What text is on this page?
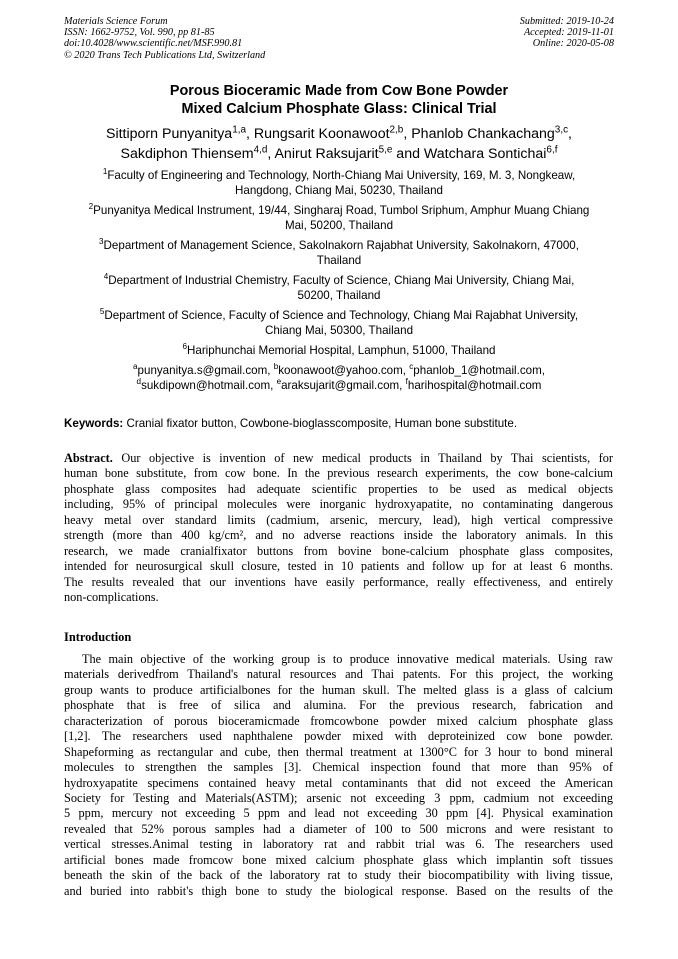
Materials Science Forum
ISSN: 1662-9752, Vol. 990, pp 81-85
doi:10.4028/www.scientific.net/MSF.990.81
© 2020 Trans Tech Publications Ltd, Switzerland
Submitted: 2019-10-24
Accepted: 2019-11-01
Online: 2020-05-08
Porous Bioceramic Made from Cow Bone Powder
Mixed Calcium Phosphate Glass: Clinical Trial
Sittiporn Punyanitya$^{1,a}$, Rungsarit Koonawoot$^{2,b}$, Phanlob Chankachang$^{3,c}$,
Sakdiphon Thiensem$^{4,d}$, Anirut Raksujarit$^{5,e}$ and Watchara Sontichai$^{6,f}$
$^1$Faculty of Engineering and Technology, North-Chiang Mai University, 169, M. 3, Nongkeaw,
Hangdong, Chiang Mai, 50230, Thailand
$^2$Punyanitya Medical Instrument, 19/44, Singharaj Road, Tumbol Sriphum, Amphur Muang Chiang
Mai, 50200, Thailand
$^3$Department of Management Science, Sakolnakorn Rajabhat University, Sakolnakorn, 47000,
Thailand
$^4$Department of Industrial Chemistry, Faculty of Science, Chiang Mai University, Chiang Mai,
50200, Thailand
$^5$Department of Science, Faculty of Science and Technology, Chiang Mai Rajabhat University,
Chiang Mai, 50300, Thailand
$^6$Hariphunchai Memorial Hospital, Lamphun, 51000, Thailand
$^a$punyanitya.s@gmail.com, $^b$koonawoot@yahoo.com, $^c$phanlob_1@hotmail.com,
$^d$sukdipown@hotmail.com, $^e$araksujarit@gmail.com, $^f$harihospital@hotmail.com
Keywords: Cranial fixator button, Cowbone-bioglasscomposite, Human bone substitute.
Abstract. Our objective is invention of new medical products in Thailand by Thai scientists, for
human bone substitute, from cow bone. In the previous research experiments, the cow bone-calcium
phosphate glass composites had adequate scientific properties to be used as medical objects
including, 95% of principal molecules were inorganic hydroxyapatite, no contaminating dangerous
heavy metal over standard limits (cadmium, arsenic, mercury, lead), high vertical compressive
strength (more than 400 kg/cm², and no adverse reactions inside the laboratory animals. In this
research, we made cranialfixator buttons from bovine bone-calcium phosphate glass composites,
intended for neurosurgical skull closure, tested in 10 patients and follow up for at least 6 months.
The results revealed that our inventions have easily performance, really effectiveness, and entirely
non-complications.
Introduction
The main objective of the working group is to produce innovative medical materials. Using raw
materials derivedfrom Thailand's natural resources and Thai patents. For this project, the working
group wants to produce artificialbones for the human skull. The melted glass is a glass of calcium
phosphate that is free of silica and alumina. For the previous research, fabrication and
characterization of porous bioceramicmade fromcowbone powder mixed calcium phosphate glass
[1,2]. The researchers used naphthalene powder mixed with deproteinized cow bone powder.
Shapeforming as rectangular and cube, then thermal treatment at 1300°C for 3 hour to bond mineral
molecules to strengthen the samples [3]. Chemical inspection found that more than 95% of
hydroxyapatite specimens contained heavy metal contaminants that did not exceed the American
Society for Testing and Materials(ASTM); arsenic not exceeding 3 ppm, cadmium not exceeding
5 ppm, mercury not exceeding 5 ppm and lead not exceeding 30 ppm [4]. Physical examination
revealed that 52% porous samples had a diameter of 100 to 500 microns and were resistant to
vertical stresses.Animal testing in laboratory rat and rabbit trial was 6. The researchers used
artificial bones made fromcow bone mixed calcium phosphate glass which implantin soft tissues
beneath the skin of the back of the laboratory rat to study their biocompatibility with living tissue,
and buried into rabbit's thigh bone to study the biological response. Based on the results of the
